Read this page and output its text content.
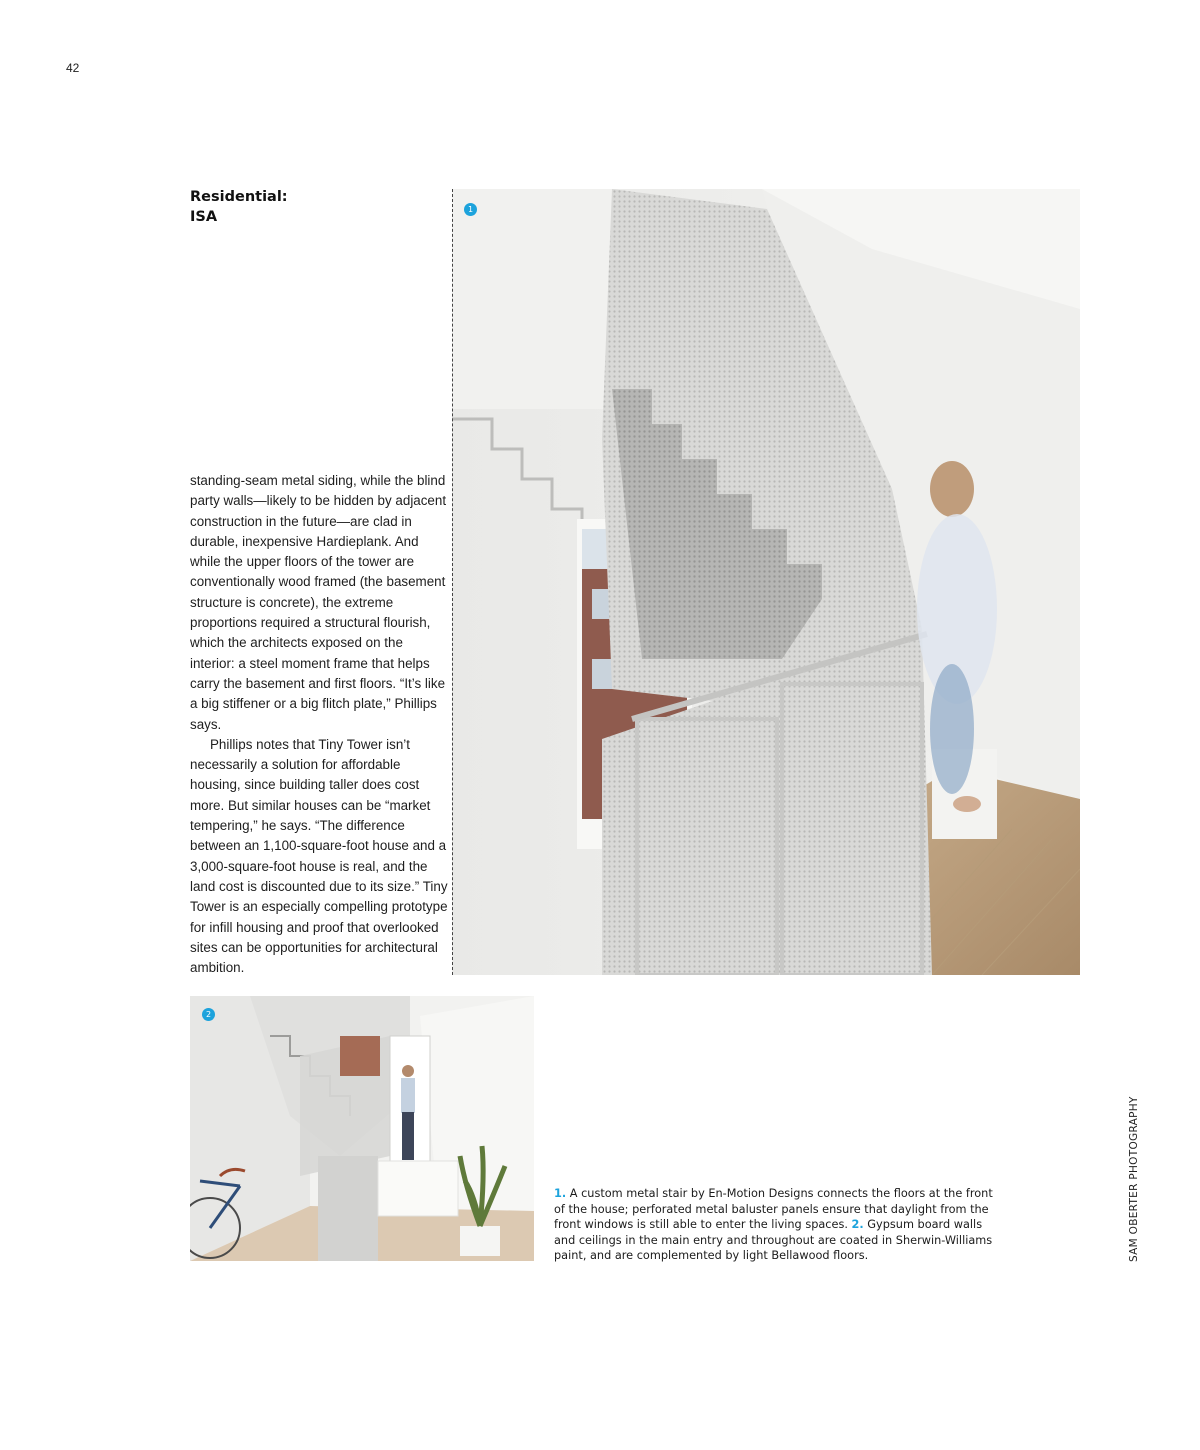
42
Residential:
ISA

standing-seam metal siding, while the blind party walls—likely to be hidden by adjacent construction in the future—are clad in durable, inexpensive Hardieplank. And while the upper floors of the tower are conventionally wood framed (the basement structure is concrete), the extreme proportions required a structural flourish, which the architects exposed on the interior: a steel moment frame that helps carry the basement and first floors. “It’s like a big stiffener or a big flitch plate,” Phillips says.

Phillips notes that Tiny Tower isn’t necessarily a solution for affordable housing, since building taller does cost more. But similar houses can be “market tempering,” he says. “The difference between an 1,100-square-foot house and a 3,000-square-foot house is real, and the land cost is discounted due to its size.” Tiny Tower is an especially compelling prototype for infill housing and proof that overlooked sites can be opportunities for architectural ambition.

1
2
1. A custom metal stair by En-Motion Designs connects the floors at the front of the house; perforated metal baluster panels ensure that daylight from the front windows is still able to enter the living spaces. 2. Gypsum board walls and ceilings in the main entry and throughout are coated in Sherwin-Williams paint, and are complemented by light Bellawood floors.	SAM OBERTER PHOTOGRAPHY
